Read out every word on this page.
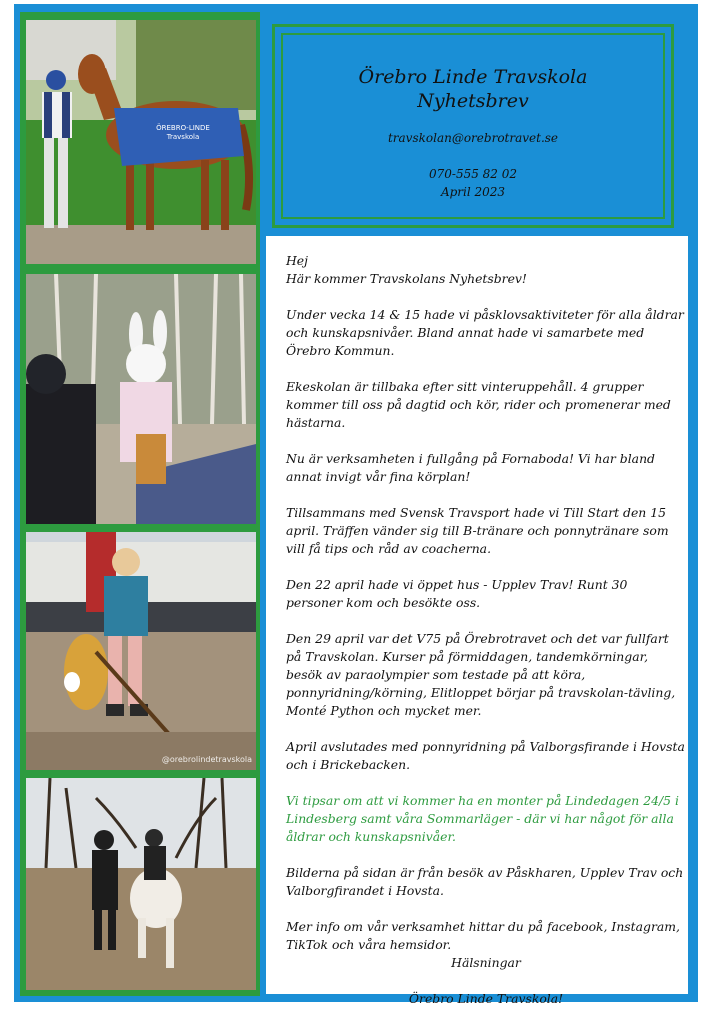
ÖREBRO-LINDE
Travskola
@orebrolindetravskola
Örebro Linde Travskola
Nyhetsbrev
travskolan@orebrotravet.se
070-555 82 02
April 2023

Hej

Här kommer Travskolans Nyhetsbrev!

Under vecka 14 & 15 hade vi påsklovsaktiviteter för alla åldrar och kunskapsnivåer. Bland annat hade vi samarbete med Örebro Kommun.

Ekeskolan är tillbaka efter sitt vinteruppehåll. 4 grupper kommer till oss på dagtid och kör, rider och promenerar med hästarna.

Nu är verksamheten i fullgång på Fornaboda! Vi har bland annat invigt vår fina körplan!

Tillsammans med Svensk Travsport hade vi Till Start den 15 april. Träffen vänder sig till B-tränare och ponnytränare som vill få tips och råd av coacherna.

Den 22 april hade vi öppet hus - Upplev Trav! Runt 30 personer kom och besökte oss.

Den 29 april var det V75 på Örebrotravet och det var fullfart på Travskolan. Kurser på förmiddagen, tandemkörningar, besök av paraolympier som testade på att köra, ponnyridning/körning, Elitloppet börjar på travskolan-tävling, Monté Python och mycket mer.

April avslutades med ponnyridning på Valborgsfirande i Hovsta och i Brickebacken.

Vi tipsar om att vi kommer ha en monter på Lindedagen 24/5 i Lindesberg samt våra Sommarläger - där vi har något för alla åldrar och kunskapsnivåer.

Bilderna på sidan är från besök av Påskharen, Upplev Trav och Valborgfirandet i Hovsta.

Mer info om vår verksamhet hittar du på facebook, Instagram, TikTok och våra hemsidor.

Hälsningar

Örebro Linde Travskola!
